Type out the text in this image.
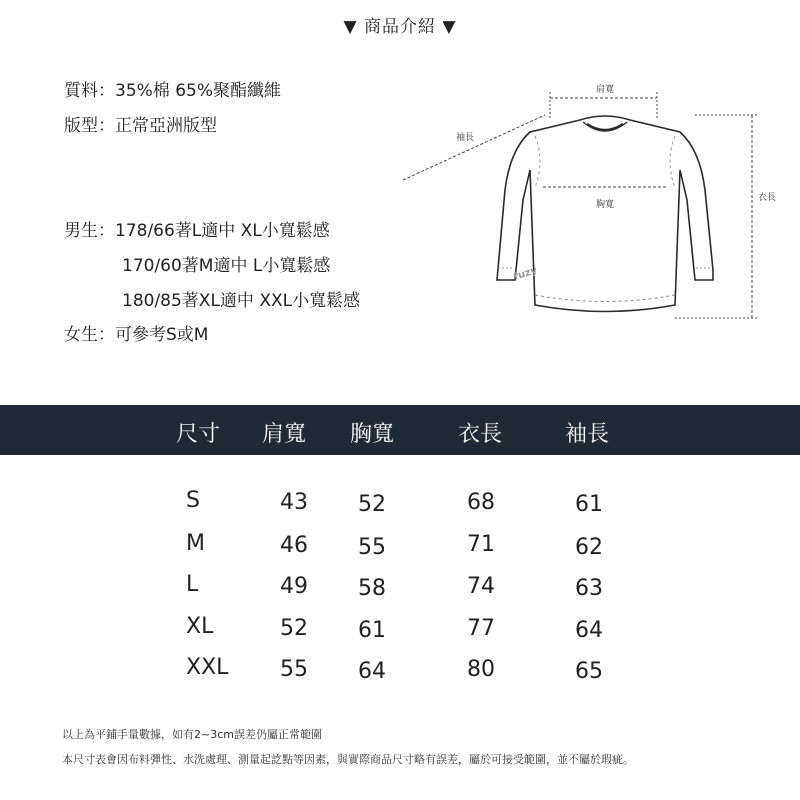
▼ 商品介紹 ▼
質料：35%棉 65%聚酯纖維
版型：正常亞洲版型
男生：178/66著L適中 XL小寬鬆感
170/60著M適中 L小寬鬆感
180/85著XL適中 XXL小寬鬆感
女生：可參考S或M
肩寬
袖長
胸寬
衣長
fuzy
尺寸 肩寬 胸寬	衣長	袖長
S	43 52	68	61
M	46 55	71	62
L	49 58	74	63
XL	52 61	77	64
XXL 55 64	80	65
以上為平鋪手量數據，如有2~3cm誤差仍屬正常範圍
本尺寸表會因布料彈性、水洗處理、測量起訖點等因素，與實際商品尺寸略有誤差，屬於可接受範圍，並不屬於瑕疵。
